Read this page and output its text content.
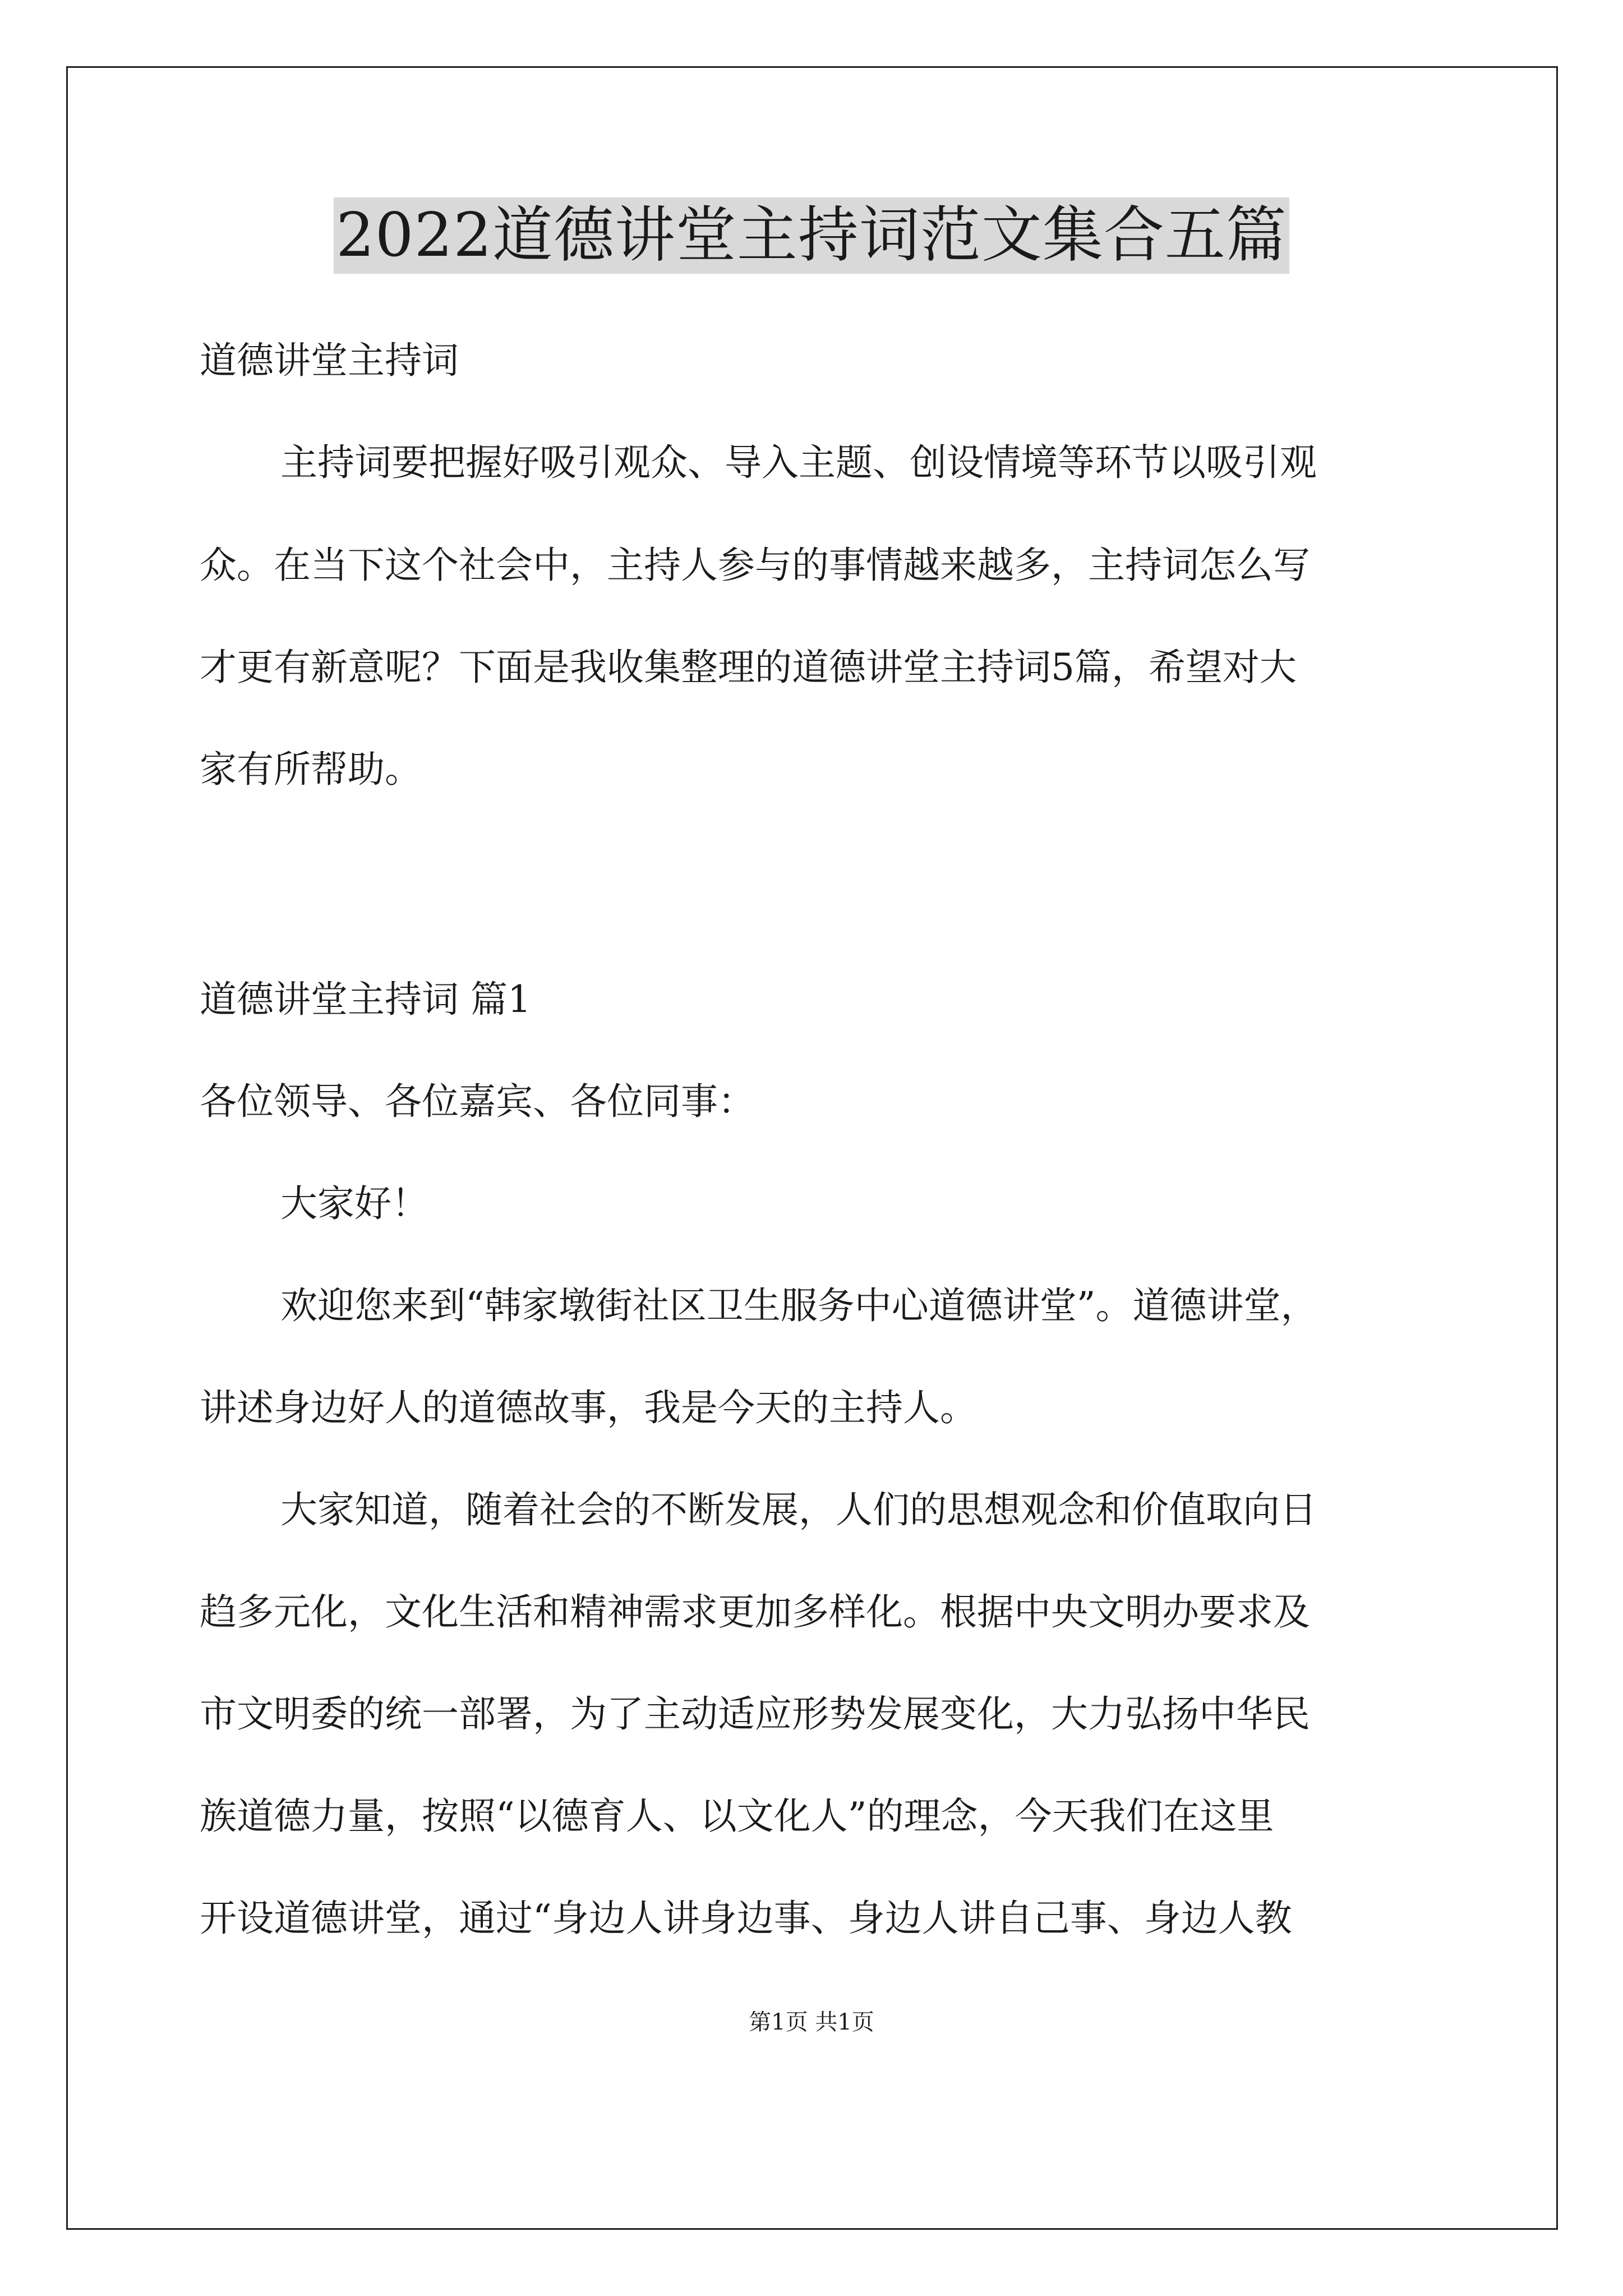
2022道德讲堂主持词范文集合五篇
道德讲堂主持词
主持词要把握好吸引观众、导入主题、创设情境等环节以吸引观
众。在当下这个社会中，主持人参与的事情越来越多，主持词怎么写
才更有新意呢？下面是我收集整理的道德讲堂主持词5篇，希望对大
家有所帮助。
道德讲堂主持词 篇1
各位领导、各位嘉宾、各位同事：
大家好！
欢迎您来到“韩家墩街社区卫生服务中心道德讲堂”。道德讲堂，
讲述身边好人的道德故事，我是今天的主持人。
大家知道，随着社会的不断发展，人们的思想观念和价值取向日
趋多元化，文化生活和精神需求更加多样化。根据中央文明办要求及
市文明委的统一部署，为了主动适应形势发展变化，大力弘扬中华民
族道德力量，按照“以德育人、以文化人”的理念，今天我们在这里
开设道德讲堂，通过“身边人讲身边事、身边人讲自己事、身边人教
第1页 共1页
